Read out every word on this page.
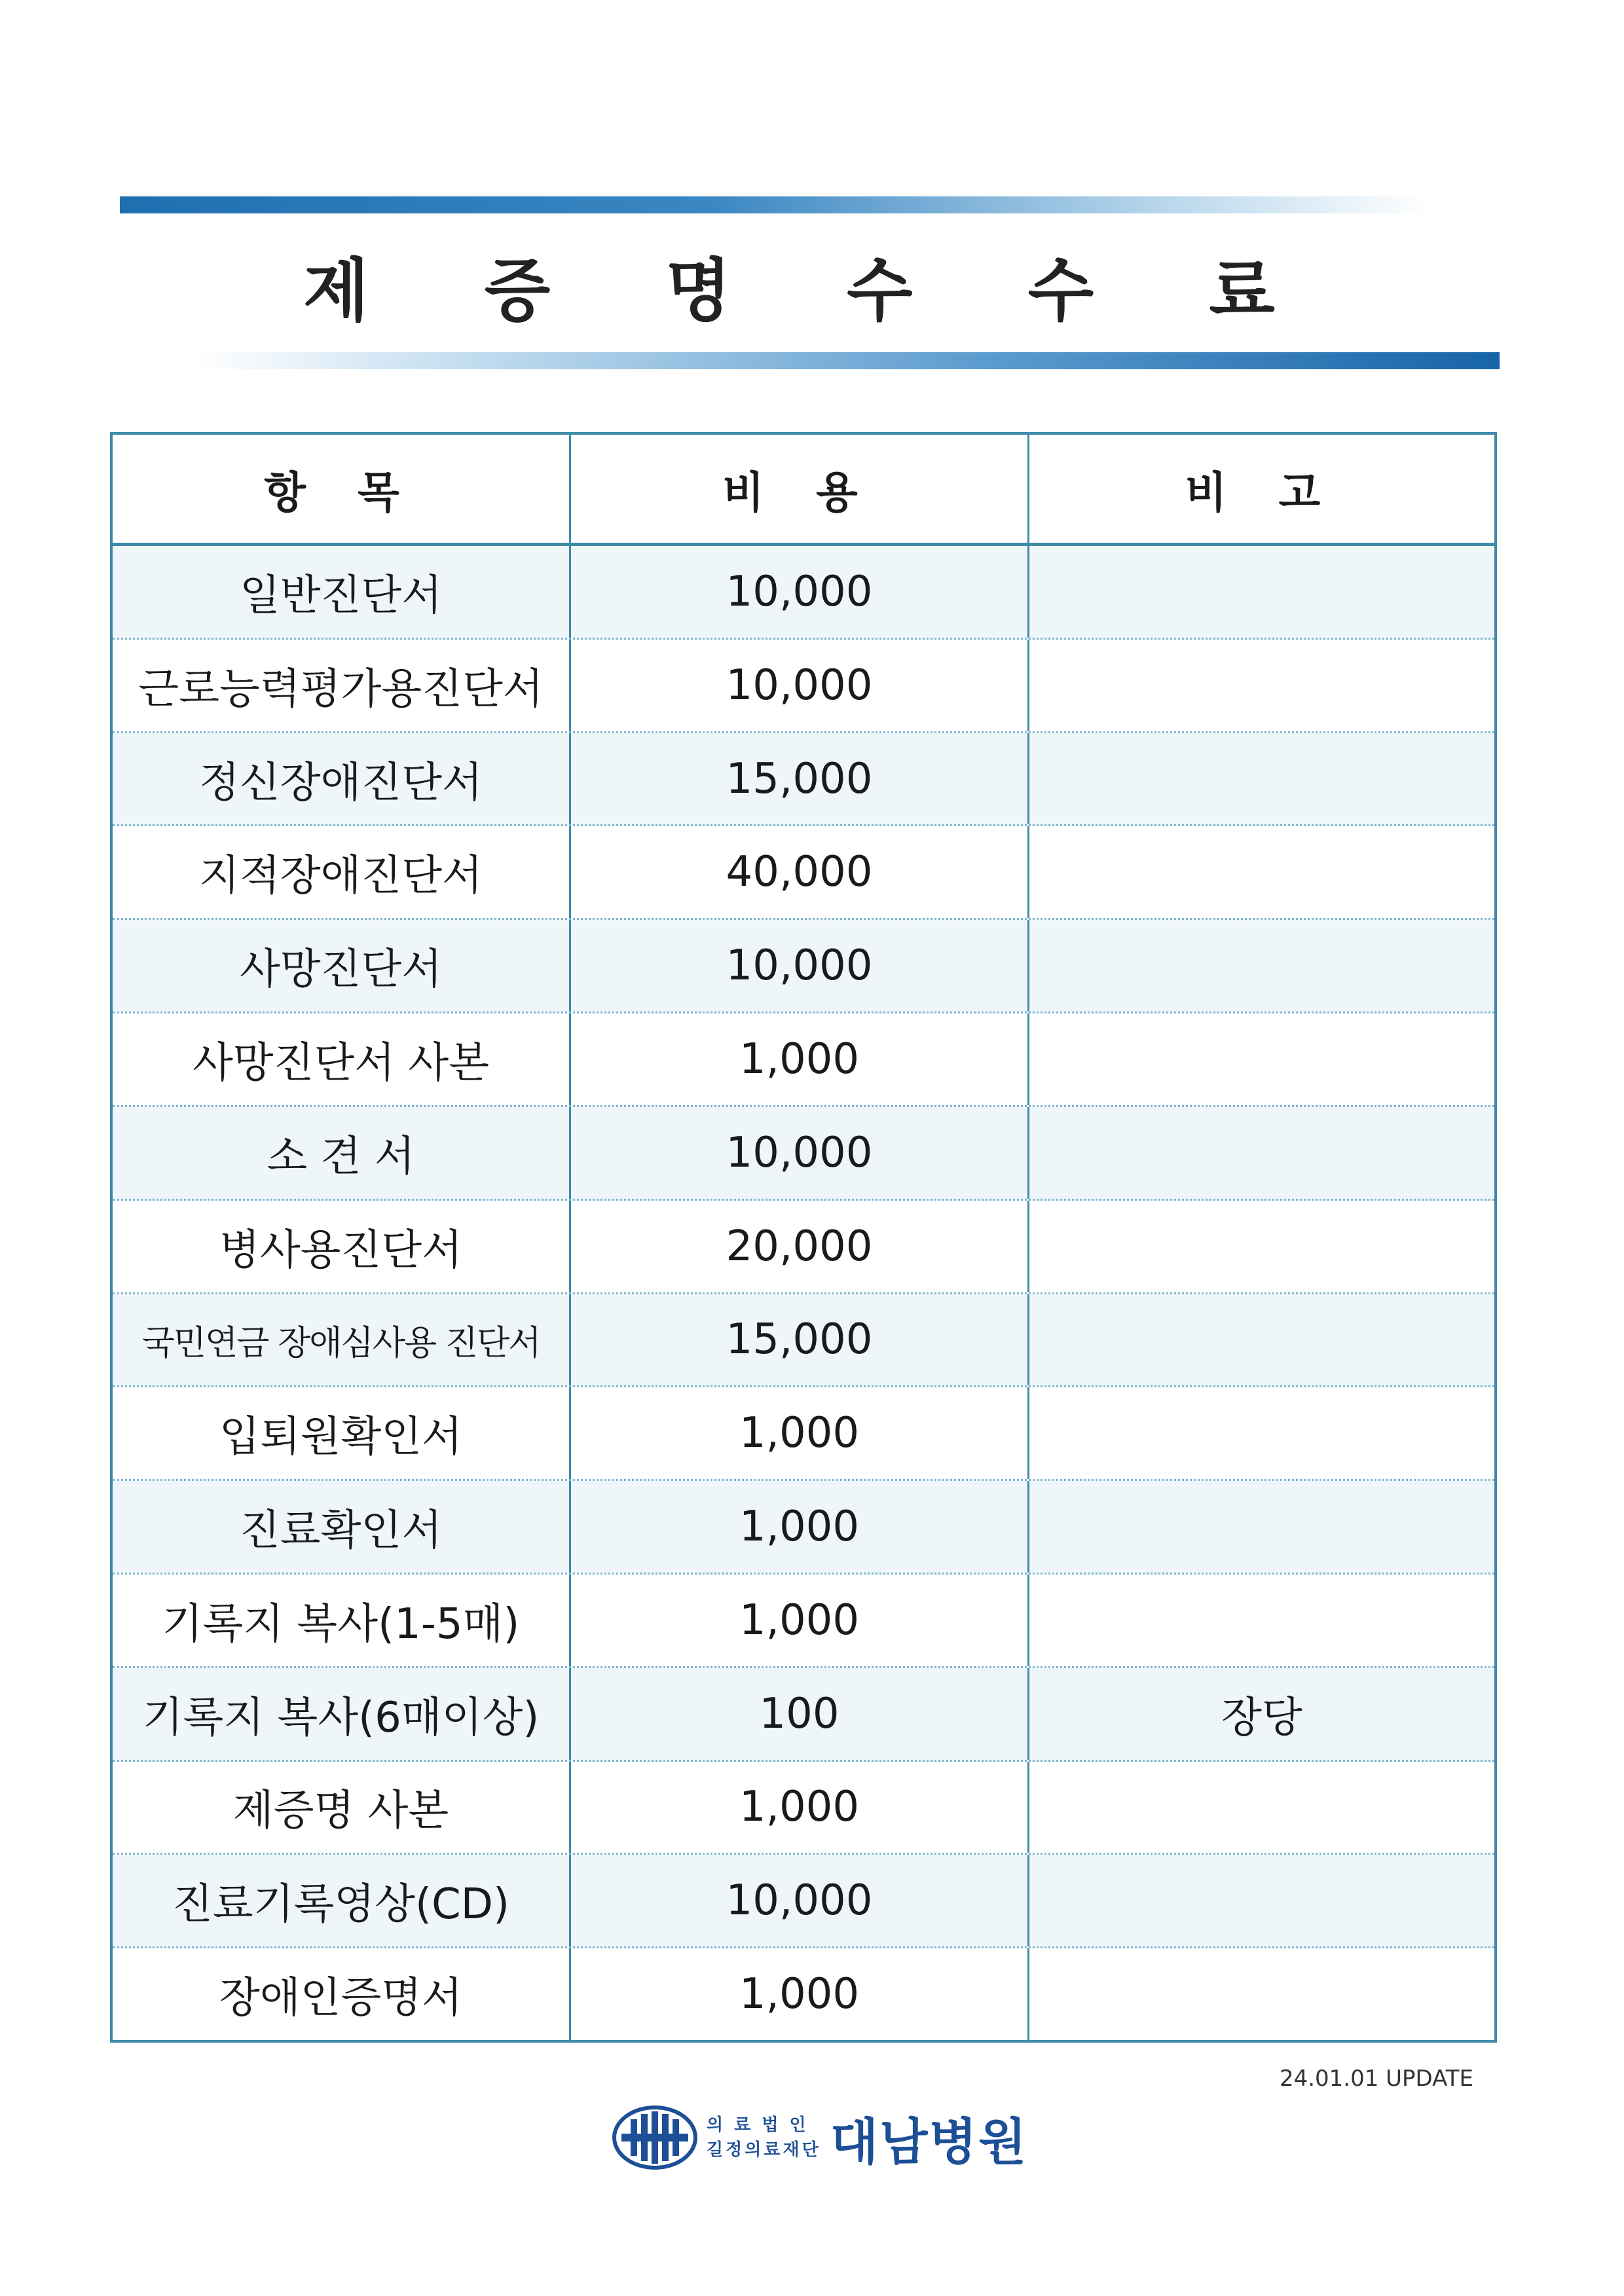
제 증 명 수 수 료
항 목	비 용	비 고
일반진단서	10,000
근로능력평가용진단서	10,000
정신장애진단서	15,000
지적장애진단서	40,000
사망진단서	10,000
사망진단서 사본	1,000
소 견 서	10,000
병사용진단서	20,000
국민연금 장애심사용 진단서	15,000
입퇴원확인서	1,000
진료확인서	1,000
기록지 복사(1-5매)	1,000
기록지 복사(6매이상)	100	장당
제증명 사본	1,000
진료기록영상(CD)	10,000
장애인증명서	1,000
24.01.01 UPDATE
의 료 법 인
길정의료재단 대남병원
